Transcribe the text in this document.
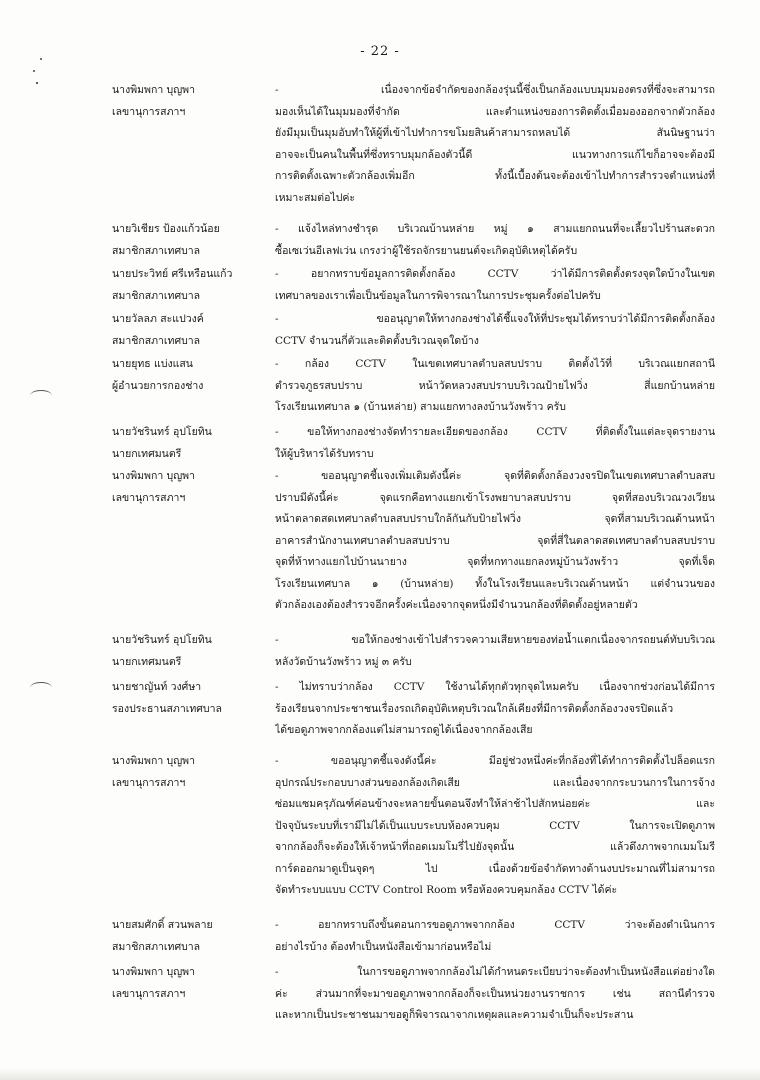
- 22 -
นางพิมพกา บุญพา
เลขานุการสภาฯ
- เนื่องจากข้อจำกัดของกล้องรุ่นนี้ซึ่งเป็นกล้องแบบมุมมองตรงที่ซึ่งจะสามารถ
มองเห็นได้ในมุมมองที่จำกัด และตำแหน่งของการติดตั้งเมื่อมองออกจากตัวกล้อง
ยังมีมุมเป็นมุมอับทำให้ผู้ที่เข้าไปทำการขโมยสินค้าสามารถหลบได้ สันนิษฐานว่า
อาจจะเป็นคนในพื้นที่ซึ่งทราบมุมกล้องตัวนี้ดี แนวทางการแก้ไขก็อาจจะต้องมี
การติดตั้งเฉพาะตัวกล้องเพิ่มอีก ทั้งนี้เบื้องต้นจะต้องเข้าไปทำการสำรวจตำแหน่งที่
เหมาะสมต่อไปค่ะ
นายวิเชียร ป้องแก้วน้อย
สมาชิกสภาเทศบาล
- แจ้งไหล่ทางชำรุด บริเวณบ้านหล่าย หมู่ ๑ สามแยกถนนที่จะเลี้ยวไปร้านสะดวก
ซื้อเซเว่นอีเลฟเว่น เกรงว่าผู้ใช้รถจักรยานยนต์จะเกิดอุบัติเหตุได้ครับ
นายประวิทย์ ศรีเหรือนแก้ว
สมาชิกสภาเทศบาล
- อยากทราบข้อมูลการติดตั้งกล้อง CCTV ว่าได้มีการติดตั้งตรงจุดใดบ้างในเขต
เทศบาลของเราเพื่อเป็นข้อมูลในการพิจารณาในการประชุมครั้งต่อไปครับ
นายวัลลภ สะแปวงค์
สมาชิกสภาเทศบาล
- ขออนุญาตให้ทางกองช่างได้ชี้แจงให้ที่ประชุมได้ทราบว่าได้มีการติดตั้งกล้อง
CCTV จำนวนกี่ตัวและติดตั้งบริเวณจุดใดบ้าง
นายยุทธ แบ่งแสน
ผู้อำนวยการกองช่าง
- กล้อง CCTV ในเขตเทศบาลตำบลสบปราบ ติดตั้งไว้ที่ บริเวณแยกสถานี
ตำรวจภูธรสบปราบ หน้าวัดหลวงสบปราบบริเวณป้ายไฟวิ่ง สี่แยกบ้านหล่าย
โรงเรียนเทศบาล ๑ (บ้านหล่าย) สามแยกทางลงบ้านวังพร้าว ครับ
นายวัชรินทร์ อุปโยทิน
นายกเทศมนตรี
- ขอให้ทางกองช่างจัดทำรายละเอียดของกล้อง CCTV ที่ติดตั้งในแต่ละจุดรายงาน
ให้ผู้บริหารได้รับทราบ
นางพิมพกา บุญพา
เลขานุการสภาฯ
- ขออนุญาตชี้แจงเพิ่มเติมดังนี้ค่ะ จุดที่ติดตั้งกล้องวงจรปิดในเขตเทศบาลตำบลสบ
ปราบมีดังนี้ค่ะ จุดแรกคือทางแยกเข้าโรงพยาบาลสบปราบ จุดที่สองบริเวณวงเวียน
หน้าตลาดสดเทศบาลตำบลสบปราบใกล้กันกับป้ายไฟวิ่ง จุดที่สามบริเวณด้านหน้า
อาคารสำนักงานเทศบาลตำบลสบปราบ จุดที่สี่ในตลาดสดเทศบาลตำบลสบปราบ
จุดที่ห้าทางแยกไปบ้านนายาง จุดที่หกทางแยกลงหมู่บ้านวังพร้าว จุดที่เจ็ด
โรงเรียนเทศบาล ๑ (บ้านหล่าย) ทั้งในโรงเรียนและบริเวณด้านหน้า แต่จำนวนของ
ตัวกล้องเองต้องสำรวจอีกครั้งค่ะเนื่องจากจุดหนึ่งมีจำนวนกล้องที่ติดตั้งอยู่หลายตัว
นายวัชรินทร์ อุปโยทิน
นายกเทศมนตรี
- ขอให้กองช่างเข้าไปสำรวจความเสียหายของท่อน้ำแตกเนื่องจากรถยนต์ทับบริเวณ
หลังวัดบ้านวังพร้าว หมู่ ๓ ครับ
นายชาญันท์ วงศ์ษา
รองประธานสภาเทศบาล
- ไม่ทราบว่ากล้อง CCTV ใช้งานได้ทุกตัวทุกจุดไหมครับ เนื่องจากช่วงก่อนได้มีการ
ร้องเรียนจากประชาชนเรื่องรถเกิดอุบัติเหตุบริเวณใกล้เคียงที่มีการติดตั้งกล้องวงจรปิดแล้ว
ได้ขอดูภาพจากกล้องแต่ไม่สามารถดูได้เนื่องจากกล้องเสีย
นางพิมพกา บุญพา
เลขานุการสภาฯ
- ขออนุญาตชี้แจงดังนี้ค่ะ มีอยู่ช่วงหนึ่งค่ะที่กล้องที่ได้ทำการติดตั้งไปล็อตแรก
อุปกรณ์ประกอบบางส่วนของกล้องเกิดเสีย และเนื่องจากกระบวนการในการจ้าง
ซ่อมแซมครุภัณฑ์ค่อนข้างจะหลายขั้นตอนจึงทำให้ล่าช้าไปสักหน่อยค่ะ และ
ปัจจุบันระบบที่เรามีไม่ได้เป็นแบบระบบห้องควบคุม CCTV ในการจะเปิดดูภาพ
จากกล้องก็จะต้องให้เจ้าหน้าที่ถอดเมมโมรี่ไปยังจุดนั้น แล้วดึงภาพจากเมมโมรี
การ์ดออกมาดูเป็นจุดๆ ไป เนื่องด้วยข้อจำกัดทางด้านงบประมาณที่ไม่สามารถ
จัดทำระบบแบบ CCTV Control Room หรือห้องควบคุมกล้อง CCTV ได้ค่ะ
นายสมศักดิ์ สวนพลาย
สมาชิกสภาเทศบาล
- อยากทราบถึงขั้นตอนการขอดูภาพจากกล้อง CCTV ว่าจะต้องดำเนินการ
อย่างไรบ้าง ต้องทำเป็นหนังสือเข้ามาก่อนหรือไม่
นางพิมพกา บุญพา
เลขานุการสภาฯ
- ในการขอดูภาพจากกล้องไม่ได้กำหนดระเบียบว่าจะต้องทำเป็นหนังสือแต่อย่างใด
ค่ะ ส่วนมากที่จะมาขอดูภาพจากกล้องก็จะเป็นหน่วยงานราชการ เช่น สถานีตำรวจ
และหากเป็นประชาชนมาขอดูก็พิจารณาจากเหตุผลและความจำเป็นก็จะประสาน
